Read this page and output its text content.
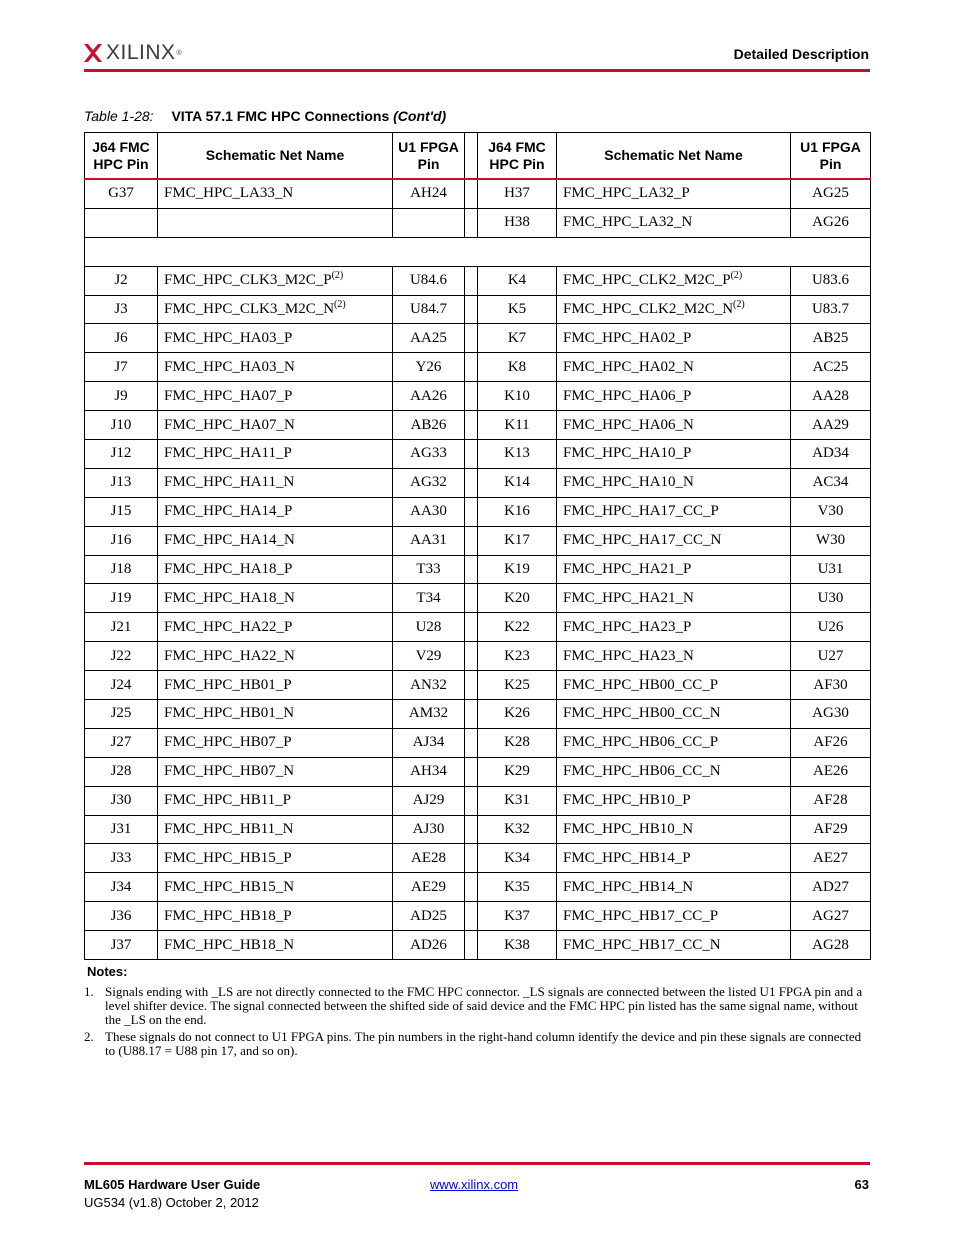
XILINX ®	Detailed Description
Table 1-28: VITA 57.1 FMC HPC Connections (Cont'd)
J64 FMC HPC Pin	Schematic Net Name	U1 FPGA Pin		J64 FMC HPC Pin	Schematic Net Name	U1 FPGA Pin
G37	FMC_HPC_LA33_N	AH24		H37	FMC_HPC_LA32_P	AG25
				H38	FMC_HPC_LA32_N	AG26

J2	$FMC\_HPC\_CLK3\_M2C\_P^{(2)}$	U84.6		K4	$FMC\_HPC\_CLK2\_M2C\_P^{(2)}$	U83.6
J3	$FMC\_HPC\_CLK3\_M2C\_N^{(2)}$	U84.7		K5	$FMC\_HPC\_CLK2\_M2C\_N^{(2)}$	U83.7
J6	FMC_HPC_HA03_P	AA25		K7	FMC_HPC_HA02_P	AB25
J7	FMC_HPC_HA03_N	Y26		K8	FMC_HPC_HA02_N	AC25
J9	FMC_HPC_HA07_P	AA26		K10	FMC_HPC_HA06_P	AA28
J10	FMC_HPC_HA07_N	AB26		K11	FMC_HPC_HA06_N	AA29
J12	FMC_HPC_HA11_P	AG33		K13	FMC_HPC_HA10_P	AD34
J13	FMC_HPC_HA11_N	AG32		K14	FMC_HPC_HA10_N	AC34
J15	FMC_HPC_HA14_P	AA30		K16	FMC_HPC_HA17_CC_P	V30
J16	FMC_HPC_HA14_N	AA31		K17	FMC_HPC_HA17_CC_N	W30
J18	FMC_HPC_HA18_P	T33		K19	FMC_HPC_HA21_P	U31
J19	FMC_HPC_HA18_N	T34		K20	FMC_HPC_HA21_N	U30
J21	FMC_HPC_HA22_P	U28		K22	FMC_HPC_HA23_P	U26
J22	FMC_HPC_HA22_N	V29		K23	FMC_HPC_HA23_N	U27
J24	FMC_HPC_HB01_P	AN32		K25	FMC_HPC_HB00_CC_P	AF30
J25	FMC_HPC_HB01_N	AM32		K26	FMC_HPC_HB00_CC_N	AG30
J27	FMC_HPC_HB07_P	AJ34		K28	FMC_HPC_HB06_CC_P	AF26
J28	FMC_HPC_HB07_N	AH34		K29	FMC_HPC_HB06_CC_N	AE26
J30	FMC_HPC_HB11_P	AJ29		K31	FMC_HPC_HB10_P	AF28
J31	FMC_HPC_HB11_N	AJ30		K32	FMC_HPC_HB10_N	AF29
J33	FMC_HPC_HB15_P	AE28		K34	FMC_HPC_HB14_P	AE27
J34	FMC_HPC_HB15_N	AE29		K35	FMC_HPC_HB14_N	AD27
J36	FMC_HPC_HB18_P	AD25		K37	FMC_HPC_HB17_CC_P	AG27
J37	FMC_HPC_HB18_N	AD26		K38	FMC_HPC_HB17_CC_N	AG28
Notes:
1. Signals ending with _LS are not directly connected to the FMC HPC connector. _LS signals are connected between the listed U1 FPGA pin and a level shifter device. The signal connected between the shifted side of said device and the FMC HPC pin listed has the same signal name, without the _LS on the end.
2. These signals do not connect to U1 FPGA pins. The pin numbers in the right-hand column identify the device and pin these signals are connected to (U88.17 = U88 pin 17, and so on).
ML605 Hardware User Guide
UG534 (v1.8) October 2, 2012
www.xilinx.com	63
